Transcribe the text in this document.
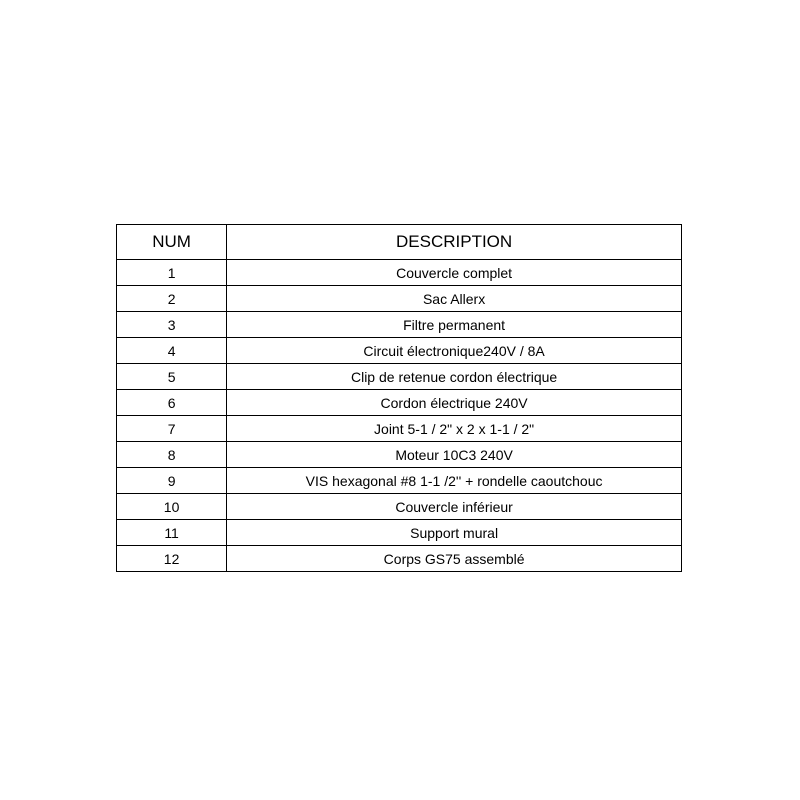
NUM	DESCRIPTION
1	Couvercle complet
2	Sac Allerx
3	Filtre permanent
4	Circuit électronique240V / 8A
5	Clip de retenue cordon électrique
6	Cordon électrique 240V
7	Joint 5-1 / 2" x 2 x 1-1 / 2"
8	Moteur 10C3 240V
9	VIS hexagonal #8 1-1 /2'' + rondelle caoutchouc
10	Couvercle inférieur
11	Support mural
12	Corps GS75 assemblé
